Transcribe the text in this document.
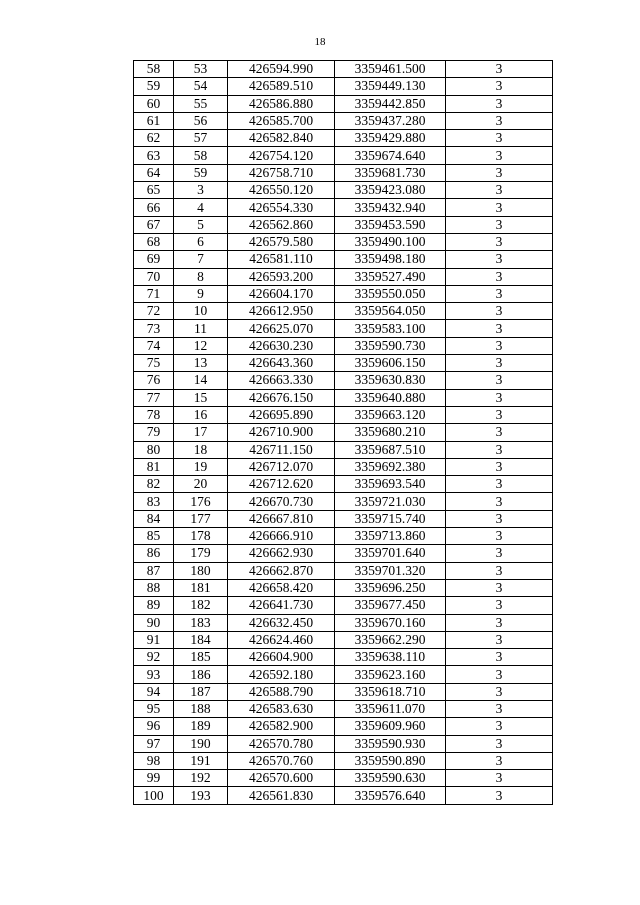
18
58	53	426594.990	3359461.500	3
59	54	426589.510	3359449.130	3
60	55	426586.880	3359442.850	3
61	56	426585.700	3359437.280	3
62	57	426582.840	3359429.880	3
63	58	426754.120	3359674.640	3
64	59	426758.710	3359681.730	3
65	3	426550.120	3359423.080	3
66	4	426554.330	3359432.940	3
67	5	426562.860	3359453.590	3
68	6	426579.580	3359490.100	3
69	7	426581.110	3359498.180	3
70	8	426593.200	3359527.490	3
71	9	426604.170	3359550.050	3
72	10	426612.950	3359564.050	3
73	11	426625.070	3359583.100	3
74	12	426630.230	3359590.730	3
75	13	426643.360	3359606.150	3
76	14	426663.330	3359630.830	3
77	15	426676.150	3359640.880	3
78	16	426695.890	3359663.120	3
79	17	426710.900	3359680.210	3
80	18	426711.150	3359687.510	3
81	19	426712.070	3359692.380	3
82	20	426712.620	3359693.540	3
83	176	426670.730	3359721.030	3
84	177	426667.810	3359715.740	3
85	178	426666.910	3359713.860	3
86	179	426662.930	3359701.640	3
87	180	426662.870	3359701.320	3
88	181	426658.420	3359696.250	3
89	182	426641.730	3359677.450	3
90	183	426632.450	3359670.160	3
91	184	426624.460	3359662.290	3
92	185	426604.900	3359638.110	3
93	186	426592.180	3359623.160	3
94	187	426588.790	3359618.710	3
95	188	426583.630	3359611.070	3
96	189	426582.900	3359609.960	3
97	190	426570.780	3359590.930	3
98	191	426570.760	3359590.890	3
99	192	426570.600	3359590.630	3
100	193	426561.830	3359576.640	3
